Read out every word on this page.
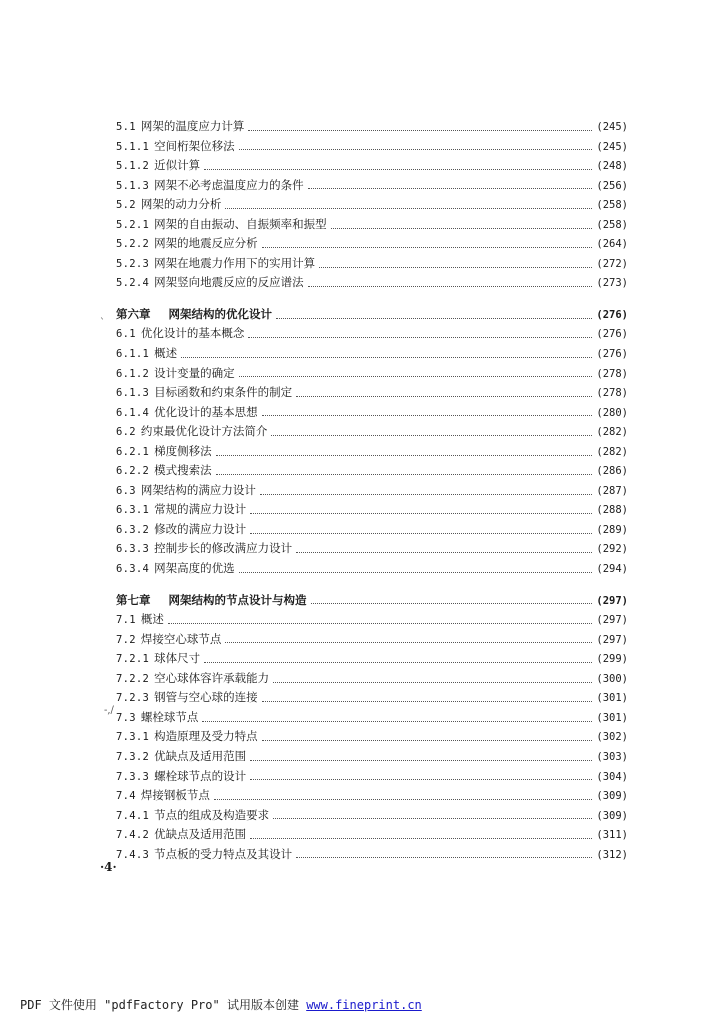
5.1 网架的温度应力计算	(245)
5.1.1 空间桁架位移法	(245)
5.1.2 近似计算	(248)
5.1.3 网架不必考虑温度应力的条件	(256)
5.2 网架的动力分析	(258)
5.2.1 网架的自由振动、自振频率和振型	(258)
5.2.2 网架的地震反应分析	(264)
5.2.3 网架在地震力作用下的实用计算	(272)
5.2.4 网架竖向地震反应的反应谱法	(273)
第六章 网架结构的优化设计	(276)
6.1 优化设计的基本概念	(276)
6.1.1 概述	(276)
6.1.2 设计变量的确定	(278)
6.1.3 目标函数和约束条件的制定	(278)
6.1.4 优化设计的基本思想	(280)
6.2 约束最优化设计方法简介	(282)
6.2.1 梯度侧移法	(282)
6.2.2 模式搜索法	(286)
6.3 网架结构的满应力设计	(287)
6.3.1 常规的满应力设计	(288)
6.3.2 修改的满应力设计	(289)
6.3.3 控制步长的修改满应力设计	(292)
6.3.4 网架高度的优选	(294)
第七章 网架结构的节点设计与构造	(297)
7.1 概述	(297)
7.2 焊接空心球节点	(297)
7.2.1 球体尺寸	(299)
7.2.2 空心球体容许承载能力	(300)
7.2.3 钢管与空心球的连接	(301)
7.3 螺栓球节点	(301)
7.3.1 构造原理及受力特点	(302)
7.3.2 优缺点及适用范围	(303)
7.3.3 螺栓球节点的设计	(304)
7.4 焊接钢板节点	(309)
7.4.1 节点的组成及构造要求	(309)
7.4.2 优缺点及适用范围	(311)
7.4.3 节点板的受力特点及其设计	(312)
ˋ
-,/
·4·
PDF 文件使用 "pdfFactory Pro" 试用版本创建 www.fineprint.cn
